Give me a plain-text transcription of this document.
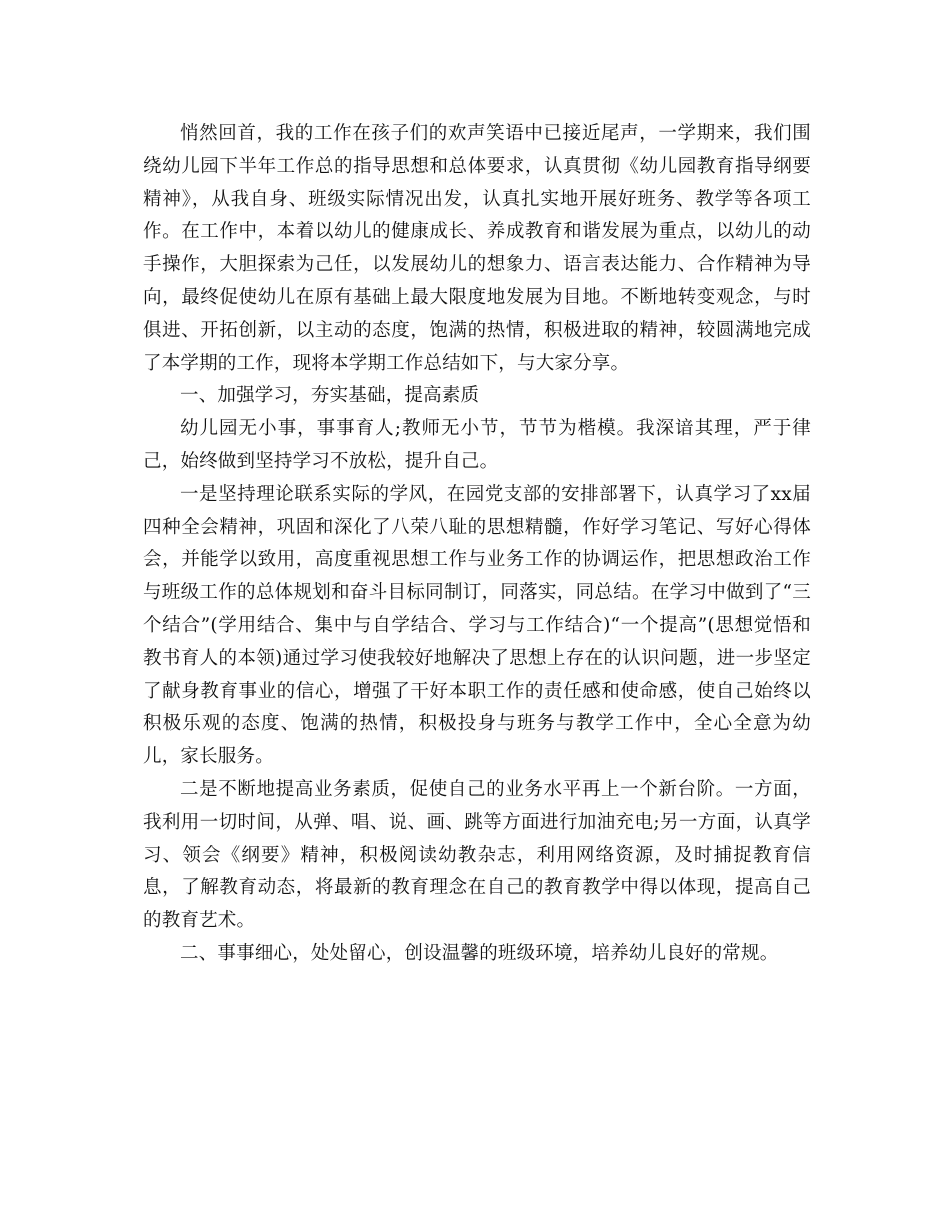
悄然回首，我的工作在孩子们的欢声笑语中已接近尾声，一学期来，我们围绕幼儿园下半年工作总的指导思想和总体要求，认真贯彻《幼儿园教育指导纲要精神》，从我自身、班级实际情况出发，认真扎实地开展好班务、教学等各项工作。在工作中，本着以幼儿的健康成长、养成教育和谐发展为重点，以幼儿的动手操作，大胆探索为己任，以发展幼儿的想象力、语言表达能力、合作精神为导向，最终促使幼儿在原有基础上最大限度地发展为目地。不断地转变观念，与时俱进、开拓创新，以主动的态度，饱满的热情，积极进取的精神，较圆满地完成了本学期的工作，现将本学期工作总结如下，与大家分享。

一、加强学习，夯实基础，提高素质

幼儿园无小事，事事育人;教师无小节，节节为楷模。我深谙其理，严于律己，始终做到坚持学习不放松，提升自己。

一是坚持理论联系实际的学风，在园党支部的安排部署下，认真学习了xx届四种全会精神，巩固和深化了八荣八耻的思想精髓，作好学习笔记、写好心得体会，并能学以致用，高度重视思想工作与业务工作的协调运作，把思想政治工作与班级工作的总体规划和奋斗目标同制订，同落实，同总结。在学习中做到了“三个结合”(学用结合、集中与自学结合、学习与工作结合)“一个提高”(思想觉悟和教书育人的本领)通过学习使我较好地解决了思想上存在的认识问题，进一步坚定了献身教育事业的信心，增强了干好本职工作的责任感和使命感，使自己始终以积极乐观的态度、饱满的热情，积极投身与班务与教学工作中，全心全意为幼儿，家长服务。

二是不断地提高业务素质，促使自己的业务水平再上一个新台阶。一方面，我利用一切时间，从弹、唱、说、画、跳等方面进行加油充电;另一方面，认真学习、领会《纲要》精神，积极阅读幼教杂志，利用网络资源，及时捕捉教育信息，了解教育动态，将最新的教育理念在自己的教育教学中得以体现，提高自己的教育艺术。

二、事事细心，处处留心，创设温馨的班级环境，培养幼儿良好的常规。
